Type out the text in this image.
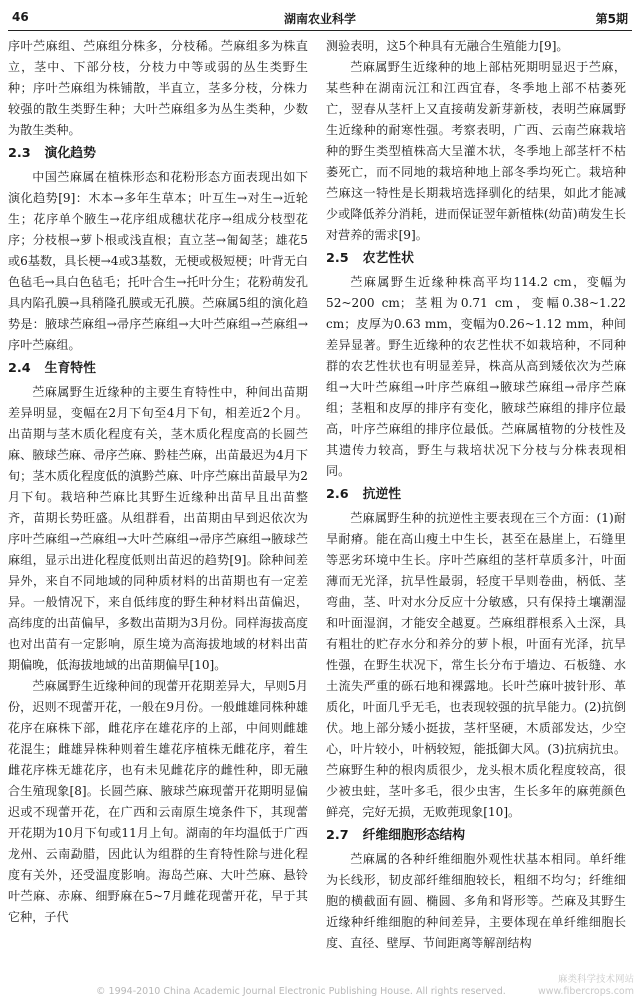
46	湖南农业科学	第5期

序叶苎麻组、苎麻组分株多，分枝稀。苎麻组多为株直立，茎中、下部分枝，分枝力中等或弱的丛生类野生种；序叶苎麻组为株铺散，半直立，茎多分枝，分株力较强的散生类野生种；大叶苎麻组多为丛生类种，少数为散生类种。

2.3 演化趋势

中国苎麻属在植株形态和花粉形态方面表现出如下演化趋势[9]：木本→多年生草本；叶互生→对生→近轮生；花序单个腋生→花序组成穗状花序→组成分枝型花序；分枝根→萝卜根或浅直根；直立茎→匍匐茎；雄花5或6基数，具长梗→4或3基数，无梗或极短梗；叶背无白色毡毛→具白色毡毛；托叶合生→托叶分生；花粉萌发孔具内陷孔膜→具稍隆孔膜或无孔膜。苎麻属5组的演化趋势是：腋球苎麻组→帚序苎麻组→大叶苎麻组→苎麻组→序叶苎麻组。

2.4 生育特性

苎麻属野生近缘种的主要生育特性中，种间出苗期差异明显，变幅在2月下旬至4月下旬，相差近2个月。出苗期与茎木质化程度有关，茎木质化程度高的长圆苎麻、腋球苎麻、帚序苎麻、黔桂苎麻，出苗最迟为4月下旬；茎木质化程度低的滇黔苎麻、叶序苎麻出苗最早为2月下旬。栽培种苎麻比其野生近缘种出苗早且出苗整齐，苗期长势旺盛。从组群看，出苗期由早到迟依次为序叶苎麻组→苎麻组→大叶苎麻组→帚序苎麻组→腋球苎麻组，显示出进化程度低则出苗迟的趋势[9]。除种间差异外，来自不同地域的同种质材料的出苗期也有一定差异。一般情况下，来自低纬度的野生种材料出苗偏迟，高纬度的出苗偏早，多数出苗期为3月份。同样海拔高度也对出苗有一定影响，原生境为高海拔地域的材料出苗期偏晚，低海拔地域的出苗期偏早[10]。

苎麻属野生近缘种间的现蕾开花期差异大，早则5月份，迟则不现蕾开花，一般在9月份。一般雌雄同株种雄花序在麻株下部，雌花序在雄花序的上部，中间则雌雄花混生；雌雄异株种则着生雄花序植株无雌花序，着生雌花序株无雄花序，也有未见雌花序的雌性种，即无融合生殖现象[8]。长圆苎麻、腋球苎麻现蕾开花期明显偏迟或不现蕾开花，在广西和云南原生境条件下，其现蕾开花期为10月下旬或11月上旬。湖南的年均温低于广西龙州、云南勐腊，因此认为组群的生育特性除与进化程度有关外，还受温度影响。海岛苎麻、大叶苎麻、悬铃叶苎麻、赤麻、细野麻在5~7月雌花现蕾开花，早于其它种，子代

测验表明，这5个种具有无融合生殖能力[9]。

苎麻属野生近缘种的地上部枯死期明显迟于苎麻，某些种在湖南沅江和江西宜春，冬季地上部不枯萎死亡，翌春从茎杆上又直接萌发新芽新枝，表明苎麻属野生近缘种的耐寒性强。考察表明，广西、云南苎麻栽培种的野生类型植株高大呈灌木状，冬季地上部茎杆不枯萎死亡，而不同地的栽培种地上部冬季均死亡。栽培种苎麻这一特性是长期栽培选择驯化的结果，如此才能减少或降低养分消耗，进而保证翌年新植株(幼苗)萌发生长对营养的需求[9]。

2.5 农艺性状

苎麻属野生近缘种株高平均114.2 cm，变幅为52~200 cm；茎粗为0.71 cm，变幅0.38~1.22 cm；皮厚为0.63 mm，变幅为0.26~1.12 mm，种间差异显著。野生近缘种的农艺性状不如栽培种，不同种群的农艺性状也有明显差异，株高从高到矮依次为苎麻组→大叶苎麻组→叶序苎麻组→腋球苎麻组→帚序苎麻组；茎粗和皮厚的排序有变化，腋球苎麻组的排序位最高，叶序苎麻组的排序位最低。苎麻属植物的分枝性及其遗传力较高，野生与栽培状况下分枝与分株表现相同。

2.6 抗逆性

苎麻属野生种的抗逆性主要表现在三个方面：(1)耐旱耐瘠。能在高山瘦土中生长，甚至在悬崖上，石缝里等恶劣环境中生长。序叶苎麻组的茎杆草质多汁，叶面薄而无光泽，抗旱性最弱，轻度干旱则卷曲，柄低、茎弯曲，茎、叶对水分反应十分敏感，只有保持土壤潮湿和叶面湿润，才能安全越夏。苎麻组群根系入土深，具有粗壮的贮存水分和养分的萝卜根，叶面有光泽，抗旱性强，在野生状况下，常生长分布于墙边、石板缝、水土流失严重的砾石地和裸露地。长叶苎麻叶披针形、革质化，叶面几乎无毛，也表现较强的抗旱能力。(2)抗倒伏。地上部分矮小挺拔，茎杆坚硬，木质部发达，少空心，叶片较小，叶柄较短，能抵御大风。(3)抗病抗虫。苎麻野生种的根肉质很少，龙头根木质化程度较高，很少被虫蛀，茎叶多毛，很少虫害，生长多年的麻蔸颜色鲜亮，完好无损，无败蔸现象[10]。

2.7 纤维细胞形态结构

苎麻属的各种纤维细胞外观性状基本相同。单纤维为长线形，韧皮部纤维细胞较长，粗细不均匀；纤维细胞的横截面有圆、椭圆、多角和肾形等。苎麻及其野生近缘种纤维细胞的种间差异，主要体现在单纤维细胞长度、直径、壁厚、节间距离等解剖结构

© 1994-2010 China Academic Journal Electronic Publishing House. All rights reserved.
麻类科学技术网站
www.fibercrops.com
